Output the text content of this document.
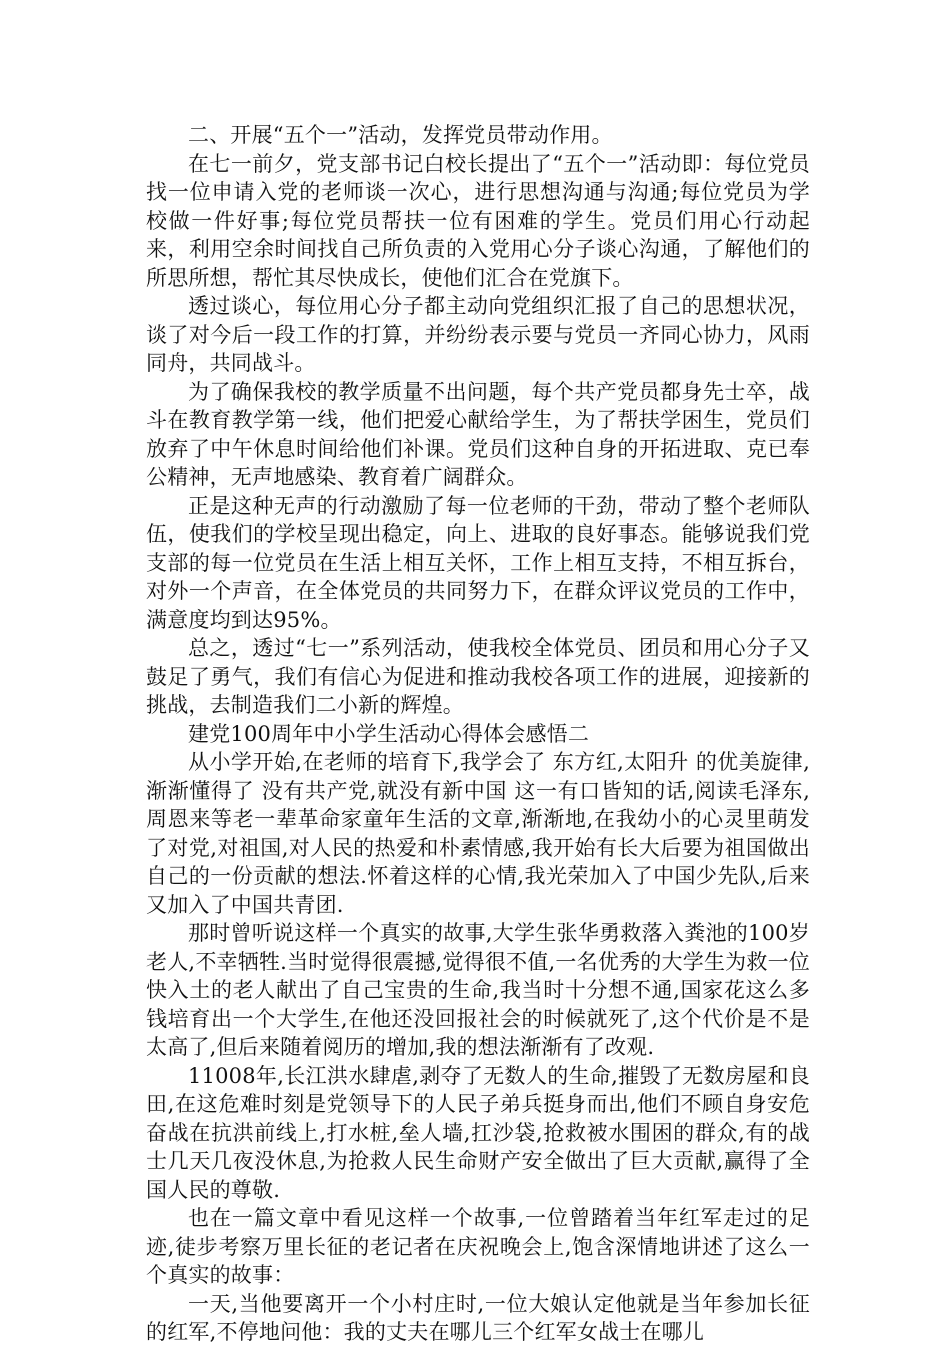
二、开展“五个一”活动，发挥党员带动作用。

在七一前夕，党支部书记白校长提出了“五个一”活动即：每位党员找一位申请入党的老师谈一次心，进行思想沟通与沟通;每位党员为学校做一件好事;每位党员帮扶一位有困难的学生。党员们用心行动起来，利用空余时间找自己所负责的入党用心分子谈心沟通，了解他们的所思所想，帮忙其尽快成长，使他们汇合在党旗下。

透过谈心，每位用心分子都主动向党组织汇报了自己的思想状况，谈了对今后一段工作的打算，并纷纷表示要与党员一齐同心协力，风雨同舟，共同战斗。

为了确保我校的教学质量不出问题，每个共产党员都身先士卒，战斗在教育教学第一线，他们把爱心献给学生，为了帮扶学困生，党员们放弃了中午休息时间给他们补课。党员们这种自身的开拓进取、克已奉公精神，无声地感染、教育着广阔群众。

正是这种无声的行动激励了每一位老师的干劲，带动了整个老师队伍，使我们的学校呈现出稳定，向上、进取的良好事态。能够说我们党支部的每一位党员在生活上相互关怀，工作上相互支持，不相互拆台，对外一个声音，在全体党员的共同努力下，在群众评议党员的工作中，满意度均到达95%。

总之，透过“七一”系列活动，使我校全体党员、团员和用心分子又鼓足了勇气，我们有信心为促进和推动我校各项工作的进展，迎接新的挑战，去制造我们二小新的辉煌。

建党100周年中小学生活动心得体会感悟二

从小学开始,在老师的培育下,我学会了 东方红,太阳升 的优美旋律,渐渐懂得了 没有共产党,就没有新中国 这一有口皆知的话,阅读毛泽东,周恩来等老一辈革命家童年生活的文章,渐渐地,在我幼小的心灵里萌发了对党,对祖国,对人民的热爱和朴素情感,我开始有长大后要为祖国做出自己的一份贡献的想法.怀着这样的心情,我光荣加入了中国少先队,后来又加入了中国共青团.

那时曾听说这样一个真实的故事,大学生张华勇救落入粪池的100岁老人,不幸牺牲.当时觉得很震撼,觉得很不值,一名优秀的大学生为救一位快入土的老人献出了自己宝贵的生命,我当时十分想不通,国家花这么多钱培育出一个大学生,在他还没回报社会的时候就死了,这个代价是不是太高了,但后来随着阅历的增加,我的想法渐渐有了改观.

11008年,长江洪水肆虐,剥夺了无数人的生命,摧毁了无数房屋和良田,在这危难时刻是党领导下的人民子弟兵挺身而出,他们不顾自身安危奋战在抗洪前线上,打水桩,垒人墙,扛沙袋,抢救被水围困的群众,有的战士几天几夜没休息,为抢救人民生命财产安全做出了巨大贡献,赢得了全国人民的尊敬.

也在一篇文章中看见这样一个故事,一位曾踏着当年红军走过的足迹,徒步考察万里长征的老记者在庆祝晚会上,饱含深情地讲述了这么一个真实的故事：

一天,当他要离开一个小村庄时,一位大娘认定他就是当年参加长征的红军,不停地问他：我的丈夫在哪儿三个红军女战士在哪儿
